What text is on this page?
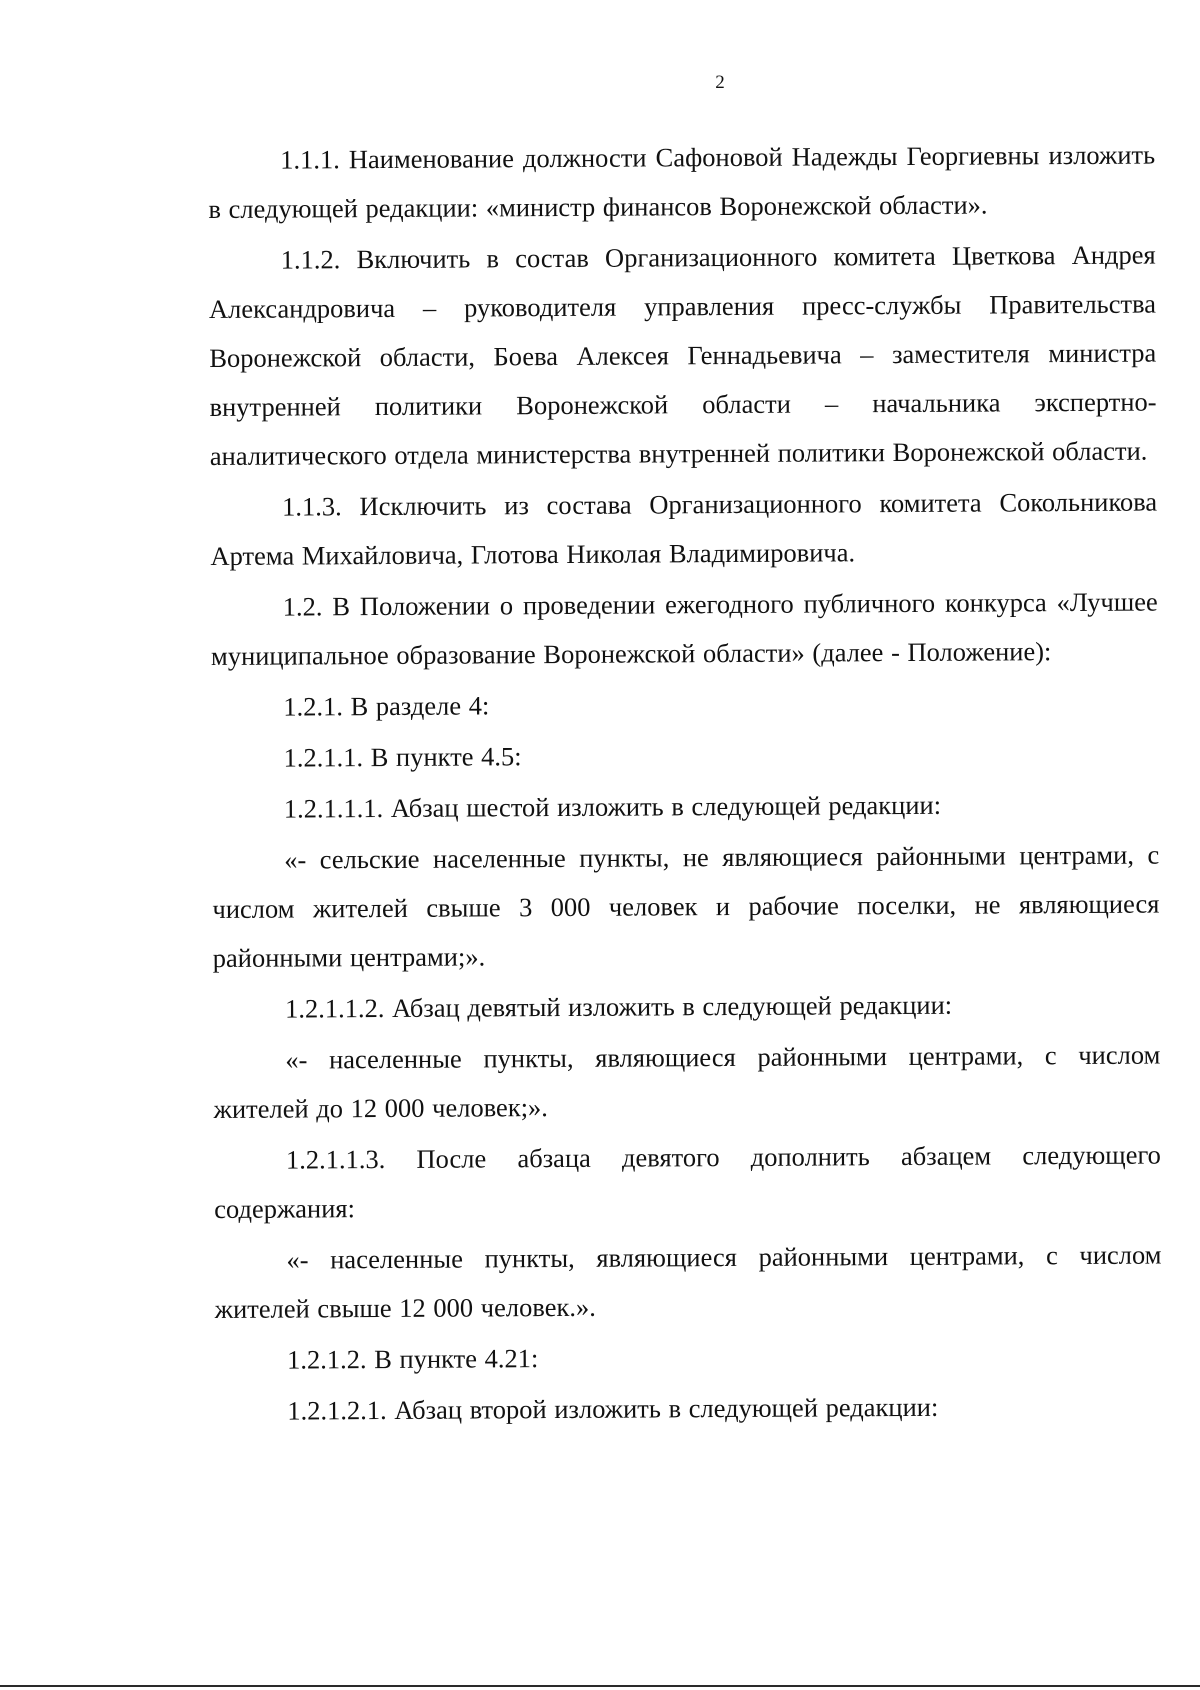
2

1.1.1. Наименование должности Сафоновой Надежды Георгиевны изложить в следующей редакции: «министр финансов Воронежской области».

1.1.2. Включить в состав Организационного комитета Цветкова Андрея Александровича – руководителя управления пресс-службы Правительства Воронежской области, Боева Алексея Геннадьевича – заместителя министра внутренней политики Воронежской области – начальника экспертно-аналитического отдела министерства внутренней политики Воронежской области.

1.1.3. Исключить из состава Организационного комитета Сокольникова Артема Михайловича, Глотова Николая Владимировича.

1.2. В Положении о проведении ежегодного публичного конкурса «Лучшее муниципальное образование Воронежской области» (далее - Положение):

1.2.1. В разделе 4:

1.2.1.1. В пункте 4.5:

1.2.1.1.1. Абзац шестой изложить в следующей редакции:

«- сельские населенные пункты, не являющиеся районными центрами, с числом жителей свыше 3 000 человек и рабочие поселки, не являющиеся районными центрами;».

1.2.1.1.2. Абзац девятый изложить в следующей редакции:

«- населенные пункты, являющиеся районными центрами, с числом жителей до 12 000 человек;».

1.2.1.1.3. После абзаца девятого дополнить абзацем следующего содержания:

«- населенные пункты, являющиеся районными центрами, с числом жителей свыше 12 000 человек.».

1.2.1.2. В пункте 4.21:

1.2.1.2.1. Абзац второй изложить в следующей редакции:
